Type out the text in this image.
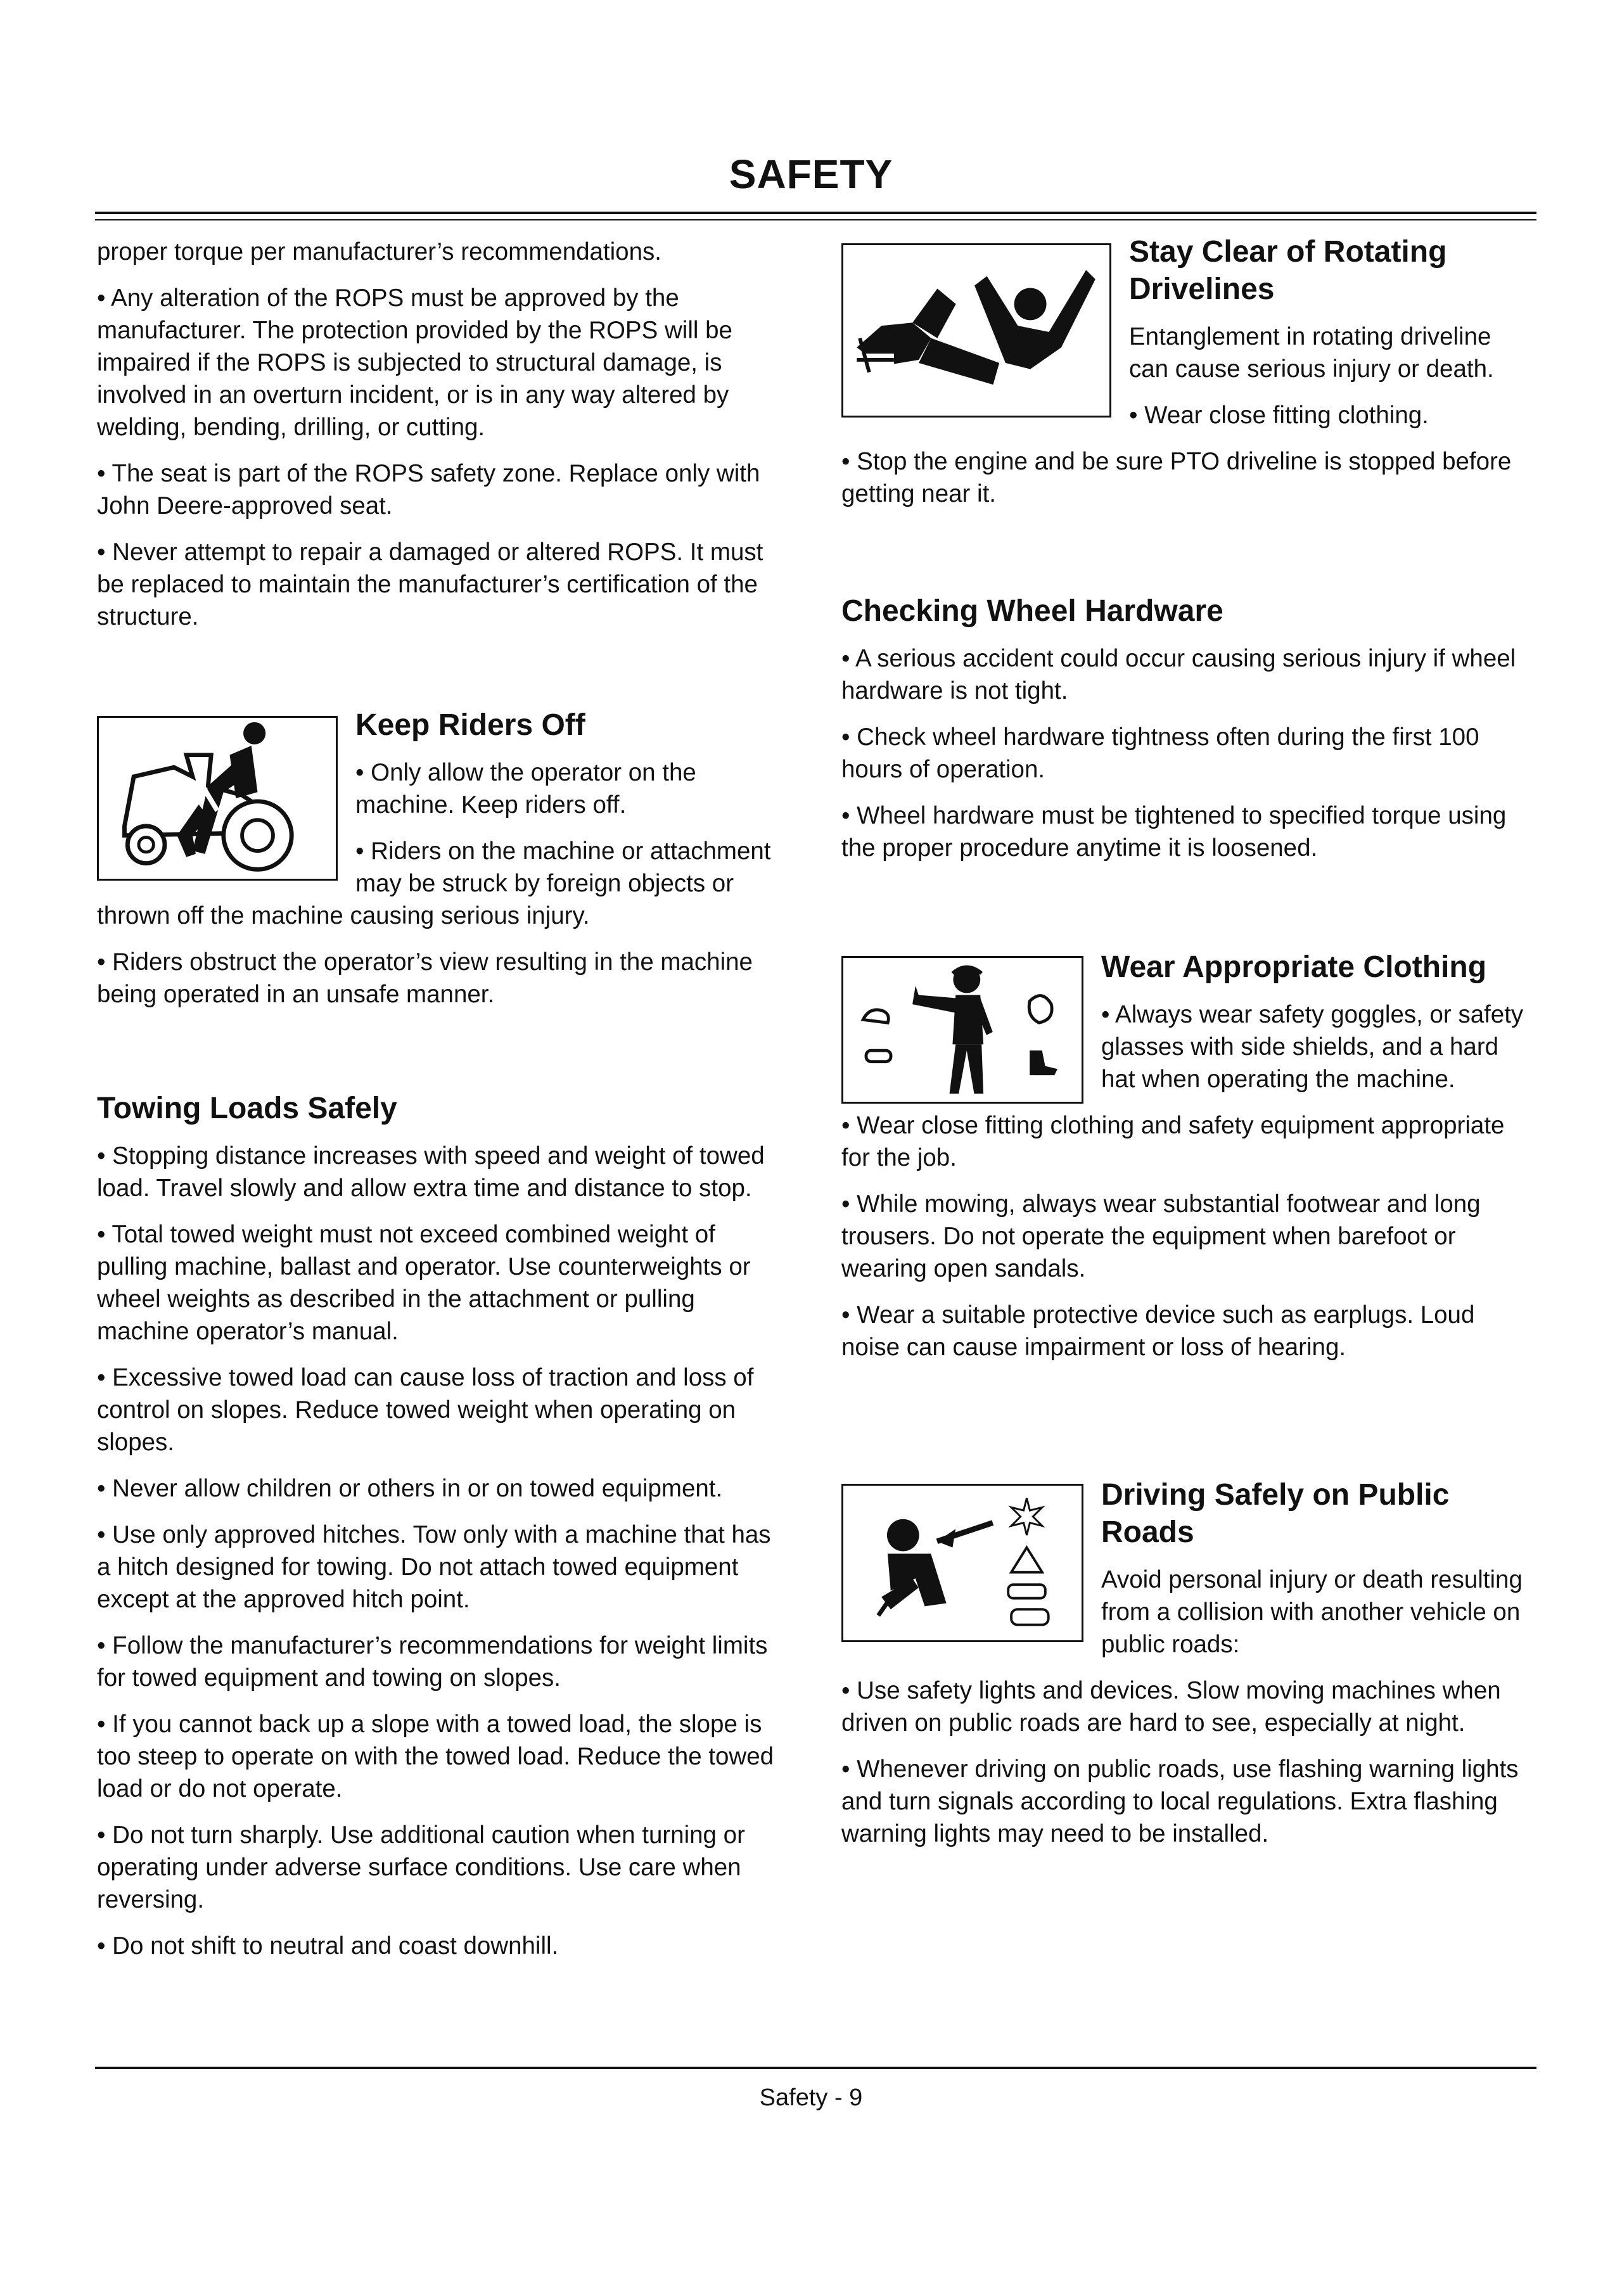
SAFETY

proper torque per manufacturer’s recommendations.

• Any alteration of the ROPS must be approved by the manufacturer. The protection provided by the ROPS will be impaired if the ROPS is subjected to structural damage, is involved in an overturn incident, or is in any way altered by welding, bending, drilling, or cutting.

• The seat is part of the ROPS safety zone. Replace only with John Deere-approved seat.

• Never attempt to repair a damaged or altered ROPS. It must be replaced to maintain the manufacturer’s certification of the structure.

Keep Riders Off

• Only allow the operator on the machine. Keep riders off.

• Riders on the machine or attachment may be struck by foreign objects or thrown off the machine causing serious injury.

• Riders obstruct the operator’s view resulting in the machine being operated in an unsafe manner.

Towing Loads Safely

• Stopping distance increases with speed and weight of towed load. Travel slowly and allow extra time and distance to stop.

• Total towed weight must not exceed combined weight of pulling machine, ballast and operator. Use counterweights or wheel weights as described in the attachment or pulling machine operator’s manual.

• Excessive towed load can cause loss of traction and loss of control on slopes. Reduce towed weight when operating on slopes.

• Never allow children or others in or on towed equipment.

• Use only approved hitches. Tow only with a machine that has a hitch designed for towing. Do not attach towed equipment except at the approved hitch point.

• Follow the manufacturer’s recommendations for weight limits for towed equipment and towing on slopes.

• If you cannot back up a slope with a towed load, the slope is too steep to operate on with the towed load. Reduce the towed load or do not operate.

• Do not turn sharply. Use additional caution when turning or operating under adverse surface conditions. Use care when reversing.

• Do not shift to neutral and coast downhill.

Stay Clear of Rotating Drivelines

Entanglement in rotating driveline can cause serious injury or death.

• Wear close fitting clothing.

• Stop the engine and be sure PTO driveline is stopped before getting near it.

Checking Wheel Hardware

• A serious accident could occur causing serious injury if wheel hardware is not tight.

• Check wheel hardware tightness often during the first 100 hours of operation.

• Wheel hardware must be tightened to specified torque using the proper procedure anytime it is loosened.

Wear Appropriate Clothing

• Always wear safety goggles, or safety glasses with side shields, and a hard hat when operating the machine.

• Wear close fitting clothing and safety equipment appropriate for the job.

• While mowing, always wear substantial footwear and long trousers. Do not operate the equipment when barefoot or wearing open sandals.

• Wear a suitable protective device such as earplugs. Loud noise can cause impairment or loss of hearing.

Driving Safely on Public Roads

Avoid personal injury or death resulting from a collision with another vehicle on public roads:

• Use safety lights and devices. Slow moving machines when driven on public roads are hard to see, especially at night.

• Whenever driving on public roads, use flashing warning lights and turn signals according to local regulations. Extra flashing warning lights may need to be installed.

Safety - 9
